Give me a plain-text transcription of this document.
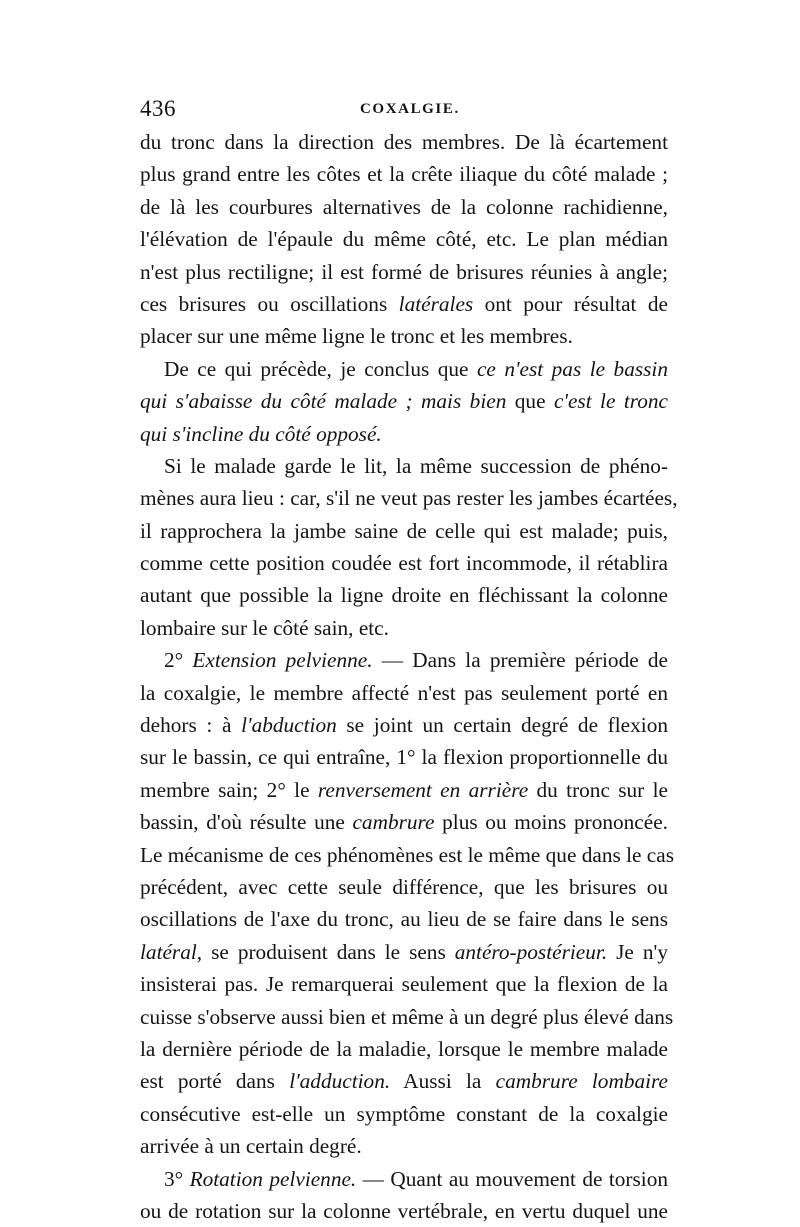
436	COXALGIE.
du tronc dans la direction des membres. De là écartement
plus grand entre les côtes et la crête iliaque du côté malade ;
de là les courbures alternatives de la colonne rachidienne,
l'élévation de l'épaule du même côté, etc. Le plan médian
n'est plus rectiligne; il est formé de brisures réunies à angle;
ces brisures ou oscillations latérales ont pour résultat de
placer sur une même ligne le tronc et les membres.
De ce qui précède, je conclus que ce n'est pas le bassin
qui s'abaisse du côté malade ; mais bien que c'est le tronc
qui s'incline du côté opposé.
Si le malade garde le lit, la même succession de phéno-
mènes aura lieu : car, s'il ne veut pas rester les jambes écartées,
il rapprochera la jambe saine de celle qui est malade; puis,
comme cette position coudée est fort incommode, il rétablira
autant que possible la ligne droite en fléchissant la colonne
lombaire sur le côté sain, etc.
2° Extension pelvienne. — Dans la première période de
la coxalgie, le membre affecté n'est pas seulement porté en
dehors : à l'abduction se joint un certain degré de flexion
sur le bassin, ce qui entraîne, 1° la flexion proportionnelle du
membre sain; 2° le renversement en arrière du tronc sur le
bassin, d'où résulte une cambrure plus ou moins prononcée.
Le mécanisme de ces phénomènes est le même que dans le cas
précédent, avec cette seule différence, que les brisures ou
oscillations de l'axe du tronc, au lieu de se faire dans le sens
latéral, se produisent dans le sens antéro-postérieur. Je n'y
insisterai pas. Je remarquerai seulement que la flexion de la
cuisse s'observe aussi bien et même à un degré plus élevé dans
la dernière période de la maladie, lorsque le membre malade
est porté dans l'adduction. Aussi la cambrure lombaire
consécutive est-elle un symptôme constant de la coxalgie
arrivée à un certain degré.
3° Rotation pelvienne. — Quant au mouvement de torsion
ou de rotation sur la colonne vertébrale, en vertu duquel une
